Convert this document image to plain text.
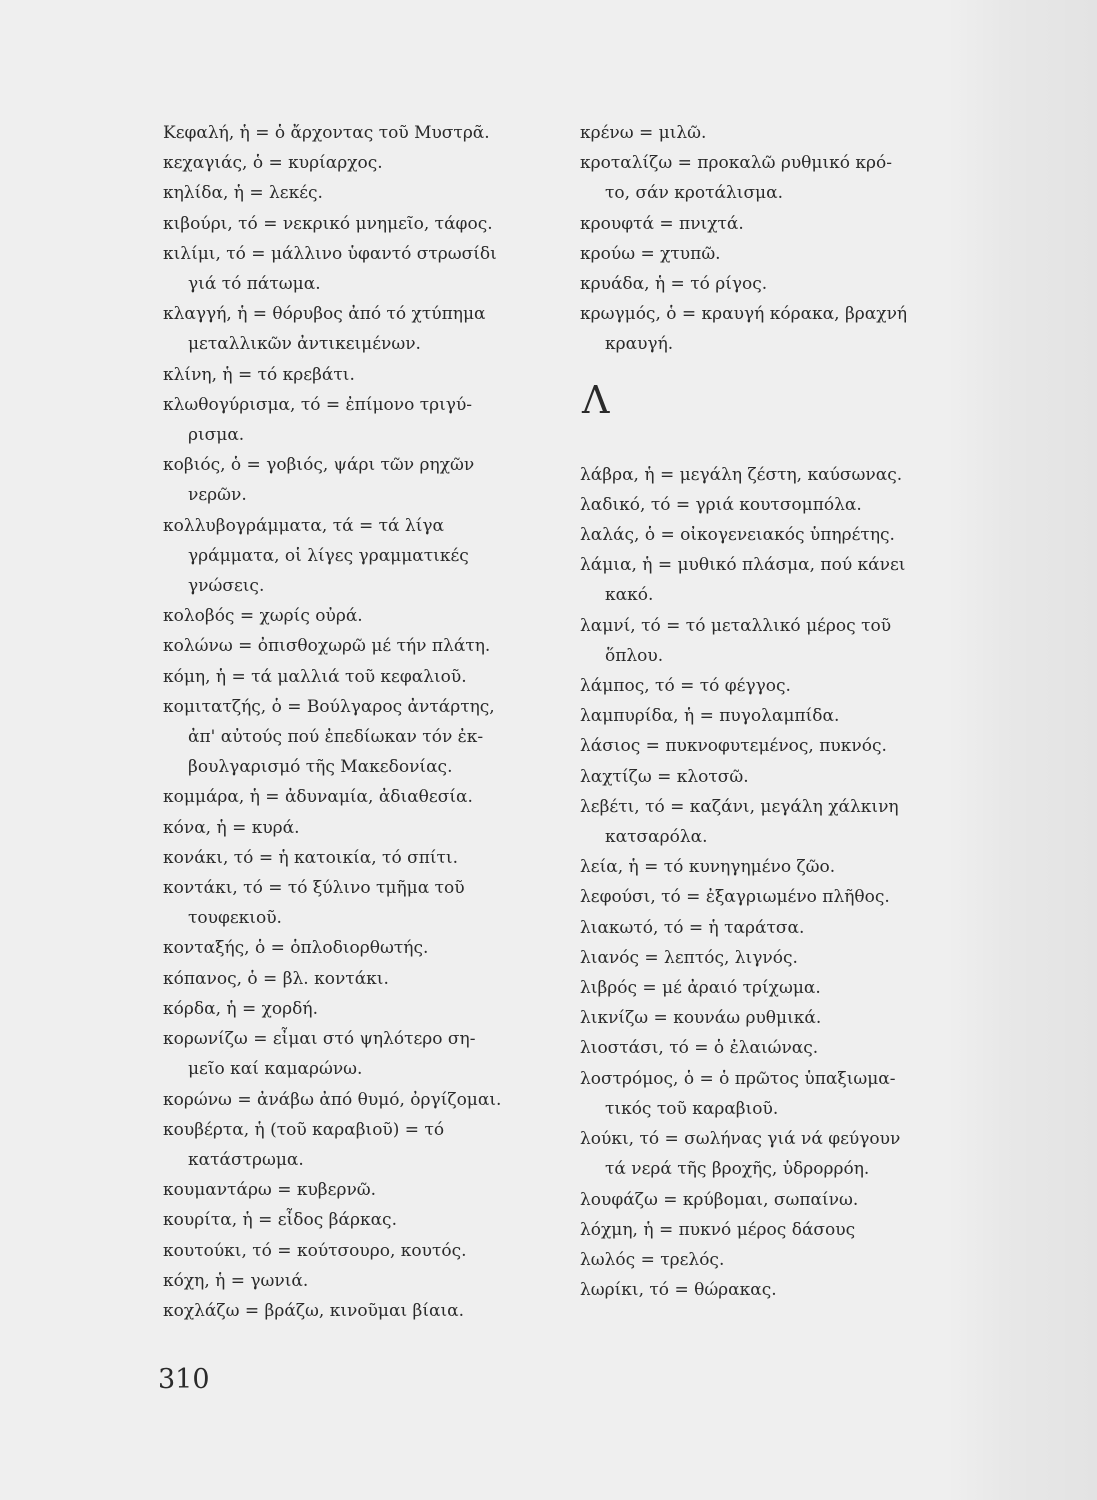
Κεφαλή, ἡ = ὁ ἄρχοντας τοῦ Μυστρᾶ.
κεχαγιάς, ὁ = κυρίαρχος.
κηλίδα, ἡ = λεκές.
κιβούρι, τό = νεκρικό μνημεῖο, τάφος.
κιλίμι, τό = μάλλινο ὑφαντό στρωσίδι
γιά τό πάτωμα.
κλαγγή, ἡ = θόρυβος ἀπό τό χτύπημα
μεταλλικῶν ἀντικειμένων.
κλίνη, ἡ = τό κρεβάτι.
κλωθογύρισμα, τό = ἐπίμονο τριγύ-
ρισμα.
κοβιός, ὁ = γοβιός, ψάρι τῶν ρηχῶν
νερῶν.
κολλυβογράμματα, τά = τά λίγα
γράμματα, οἱ λίγες γραμματικές
γνώσεις.
κολοβός = χωρίς οὐρά.
κολώνω = ὀπισθοχωρῶ μέ τήν πλάτη.
κόμη, ἡ = τά μαλλιά τοῦ κεφαλιοῦ.
κομιτατζής, ὁ = Βούλγαρος ἀντάρτης,
ἀπ' αὐτούς πού ἐπεδίωκαν τόν ἐκ-
βουλγαρισμό τῆς Μακεδονίας.
κομμάρα, ἡ = ἀδυναμία, ἀδιαθεσία.
κόνα, ἡ = κυρά.
κονάκι, τό = ἡ κατοικία, τό σπίτι.
κοντάκι, τό = τό ξύλινο τμῆμα τοῦ
τουφεκιοῦ.
κονταξής, ὁ = ὁπλοδιορθωτής.
κόπανος, ὁ = βλ. κοντάκι.
κόρδα, ἡ = χορδή.
κορωνίζω = εἶμαι στό ψηλότερο ση-
μεῖο καί καμαρώνω.
κορώνω = ἀνάβω ἀπό θυμό, ὀργίζομαι.
κουβέρτα, ἡ (τοῦ καραβιοῦ) = τό
κατάστρωμα.
κουμαντάρω = κυβερνῶ.
κουρίτα, ἡ = εἶδος βάρκας.
κουτούκι, τό = κούτσουρο, κουτός.
κόχη, ἡ = γωνιά.
κοχλάζω = βράζω, κινοῦμαι βίαια.
κρένω = μιλῶ.
κροταλίζω = προκαλῶ ρυθμικό κρό-
το, σάν κροτάλισμα.
κρουφτά = πνιχτά.
κρούω = χτυπῶ.
κρυάδα, ἡ = τό ρίγος.
κρωγμός, ὁ = κραυγή κόρακα, βραχνή
κραυγή.
Λ
λάβρα, ἡ = μεγάλη ζέστη, καύσωνας.
λαδικό, τό = γριά κουτσομπόλα.
λαλάς, ὁ = οἰκογενειακός ὑπηρέτης.
λάμια, ἡ = μυθικό πλάσμα, πού κάνει
κακό.
λαμνί, τό = τό μεταλλικό μέρος τοῦ
ὅπλου.
λάμπος, τό = τό φέγγος.
λαμπυρίδα, ἡ = πυγολαμπίδα.
λάσιος = πυκνοφυτεμένος, πυκνός.
λαχτίζω = κλοτσῶ.
λεβέτι, τό = καζάνι, μεγάλη χάλκινη
κατσαρόλα.
λεία, ἡ = τό κυνηγημένο ζῶο.
λεφούσι, τό = ἐξαγριωμένο πλῆθος.
λιακωτό, τό = ἡ ταράτσα.
λιανός = λεπτός, λιγνός.
λιβρός = μέ ἀραιό τρίχωμα.
λικνίζω = κουνάω ρυθμικά.
λιοστάσι, τό = ὁ ἐλαιώνας.
λοστρόμος, ὁ = ὁ πρῶτος ὑπαξιωμα-
τικός τοῦ καραβιοῦ.
λούκι, τό = σωλήνας γιά νά φεύγουν
τά νερά τῆς βροχῆς, ὑδρορρόη.
λουφάζω = κρύβομαι, σωπαίνω.
λόχμη, ἡ = πυκνό μέρος δάσους
λωλός = τρελός.
λωρίκι, τό = θώρακας.
310
